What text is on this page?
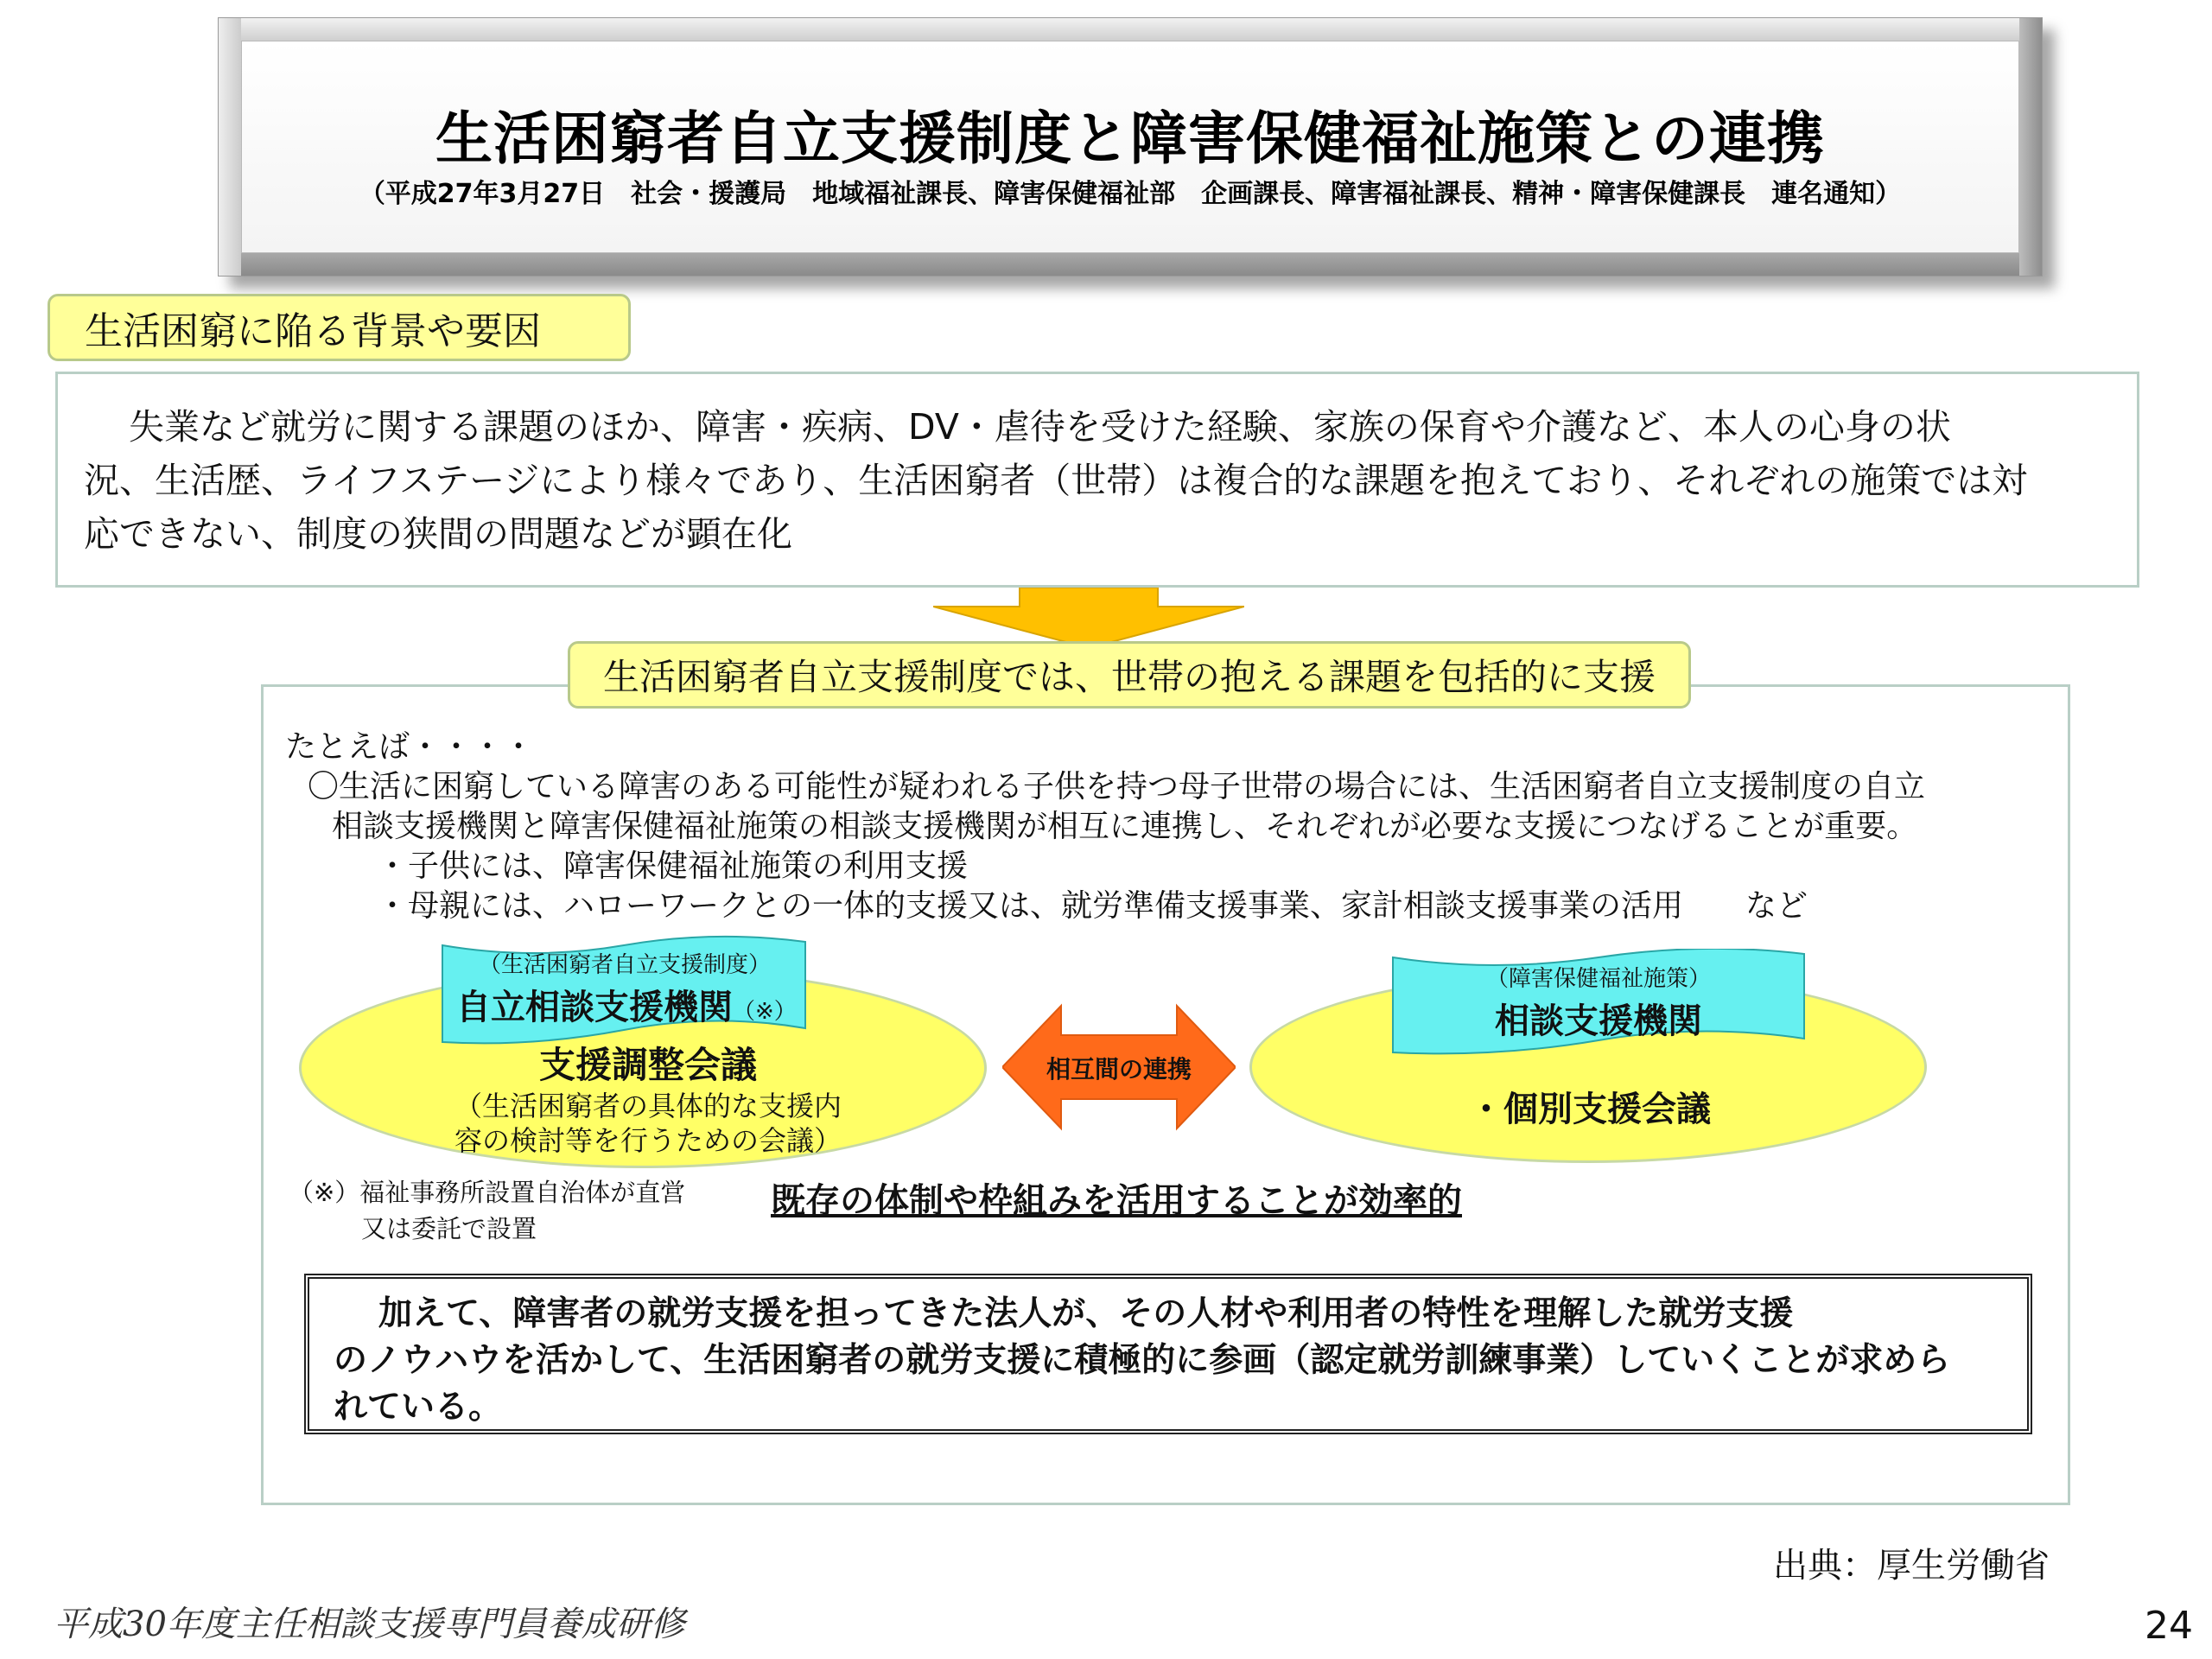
生活困窮者自立支援制度と障害保健福祉施策との連携
（平成27年3月27日　社会・援護局　地域福祉課長、障害保健福祉部　企画課長、障害福祉課長、精神・障害保健課長　連名通知）
生活困窮に陥る背景や要因
失業など就労に関する課題のほか、障害・疾病、DV・虐待を受けた経験、家族の保育や介護など、本人の心身の状
況、生活歴、ライフステージにより様々であり、生活困窮者（世帯）は複合的な課題を抱えており、それぞれの施策では対
応できない、制度の狭間の問題などが顕在化
生活困窮者自立支援制度では、世帯の抱える課題を包括的に支援
たとえば・・・・
〇生活に困窮している障害のある可能性が疑われる子供を持つ母子世帯の場合には、生活困窮者自立支援制度の自立
相談支援機関と障害保健福祉施策の相談支援機関が相互に連携し、それぞれが必要な支援につなげることが重要。
・子供には、障害保健福祉施策の利用支援
・母親には、ハローワークとの一体的支援又は、就労準備支援事業、家計相談支援事業の活用　　など
支援調整会議
（生活困窮者の具体的な支援内
容の検討等を行うための会議）
（生活困窮者自立支援制度）
自立相談支援機関（※）
相互間の連携
・個別支援会議
（障害保健福祉施策）
相談支援機関
（※）福祉事務所設置自治体が直営
又は委託で設置
既存の体制や枠組みを活用することが効率的
加えて、障害者の就労支援を担ってきた法人が、その人材や利用者の特性を理解した就労支援
のノウハウを活かして、生活困窮者の就労支援に積極的に参画（認定就労訓練事業）していくことが求めら
れている。
出典：厚生労働省
平成30年度主任相談支援専門員養成研修	24
